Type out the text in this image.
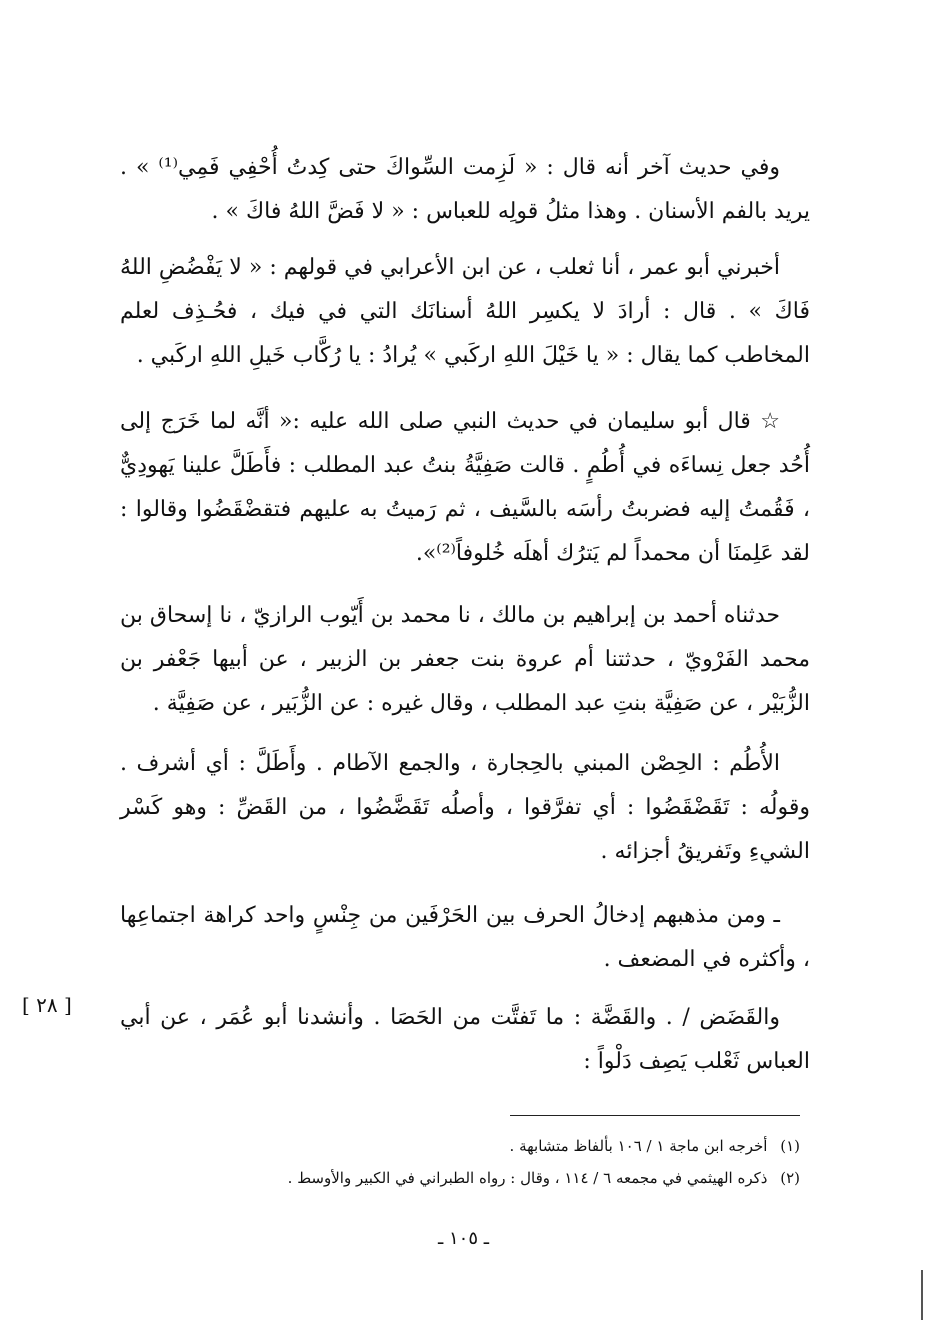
وفي حديث آخر أنه قال : « لَزِمت السِّواكَ حتى كِدتُ أُحْفِي فَمِي⁽¹⁾ » . يريد بالفم الأسنان . وهذا مثلُ قولِه للعباس : « لا فَضَّ اللهُ فاكَ » .

أخبرني أبو عمر ، أنا ثعلب ، عن ابن الأعرابي في قولهم : « لا يَفْضُضِ اللهُ فَاكَ » . قال : أرادَ لا يكسِر اللهُ أسنانَك التي في فيك ، فحُـذِف لعلم المخاطب كما يقال : « يا خَيْلَ اللهِ اركَبي » يُرادُ : يا رُكَّاب خَيلِ اللهِ اركَبي .

☆ قال أبو سليمان في حديث النبي صلى الله عليه :« أنَّه لما خَرَج إلى أُحُد جعل نِساءَه في أُطُمٍ . قالت صَفِيَّةُ بنتُ عبد المطلب : فأَطَلَّ علينا يَهودِيٌّ ، فَقُمتُ إليه فضربتُ رأسَه بالسَّيف ، ثم رَميتُ به عليهم فتقضْقَضُوا وقالوا : لقد عَلِمنَا أن محمداً لم يَترُك أهلَه خُلوفاً⁽²⁾».

حدثناه أحمد بن إبراهيم بن مالك ، نا محمد بن أَيّوب الرازيّ ، نا إسحاق بن محمد الفَرْويّ ، حدثتنا أم عروة بنت جعفر بن الزبير ، عن أبيها جَعْفر بن الزُّبَيْر ، عن صَفِيَّة بنتِ عبد المطلب ، وقال غيره : عن الزُّبَير ، عن صَفِيَّة .

الأُطُم : الحِصْن المبني بالحِجارة ، والجمع الآطام . وأَطَلَّ : أي أشرف . وقولُه : تَقَضْقَضُوا : أي تفرَّقوا ، وأصلُه تَقَضَّضُوا ، من القَضِّ : وهو كَسْر الشيءِ وتَفريقُ أجزائه .

ـ ومن مذهبهم إدخالُ الحرف بين الحَرْفَين من جِنْسٍ واحد كراهة اجتماعِها ، وأكثره في المضعف .

والقَضَض / . والقَضَّة : ما تَفتَّت من الحَصَا . وأنشدنا أبو عُمَر ، عن أبي العباس ثَعْلب يَصِف دَلْواً :

[ ٢٨ ]

(١) أخرجه ابن ماجة ١ / ١٠٦ بألفاظ متشابهة .

(٢) ذكره الهيثمي في مجمعه ٦ / ١١٤ ، وقال : رواه الطبراني في الكبير والأوسط .

ـ ١٠٥ ـ
